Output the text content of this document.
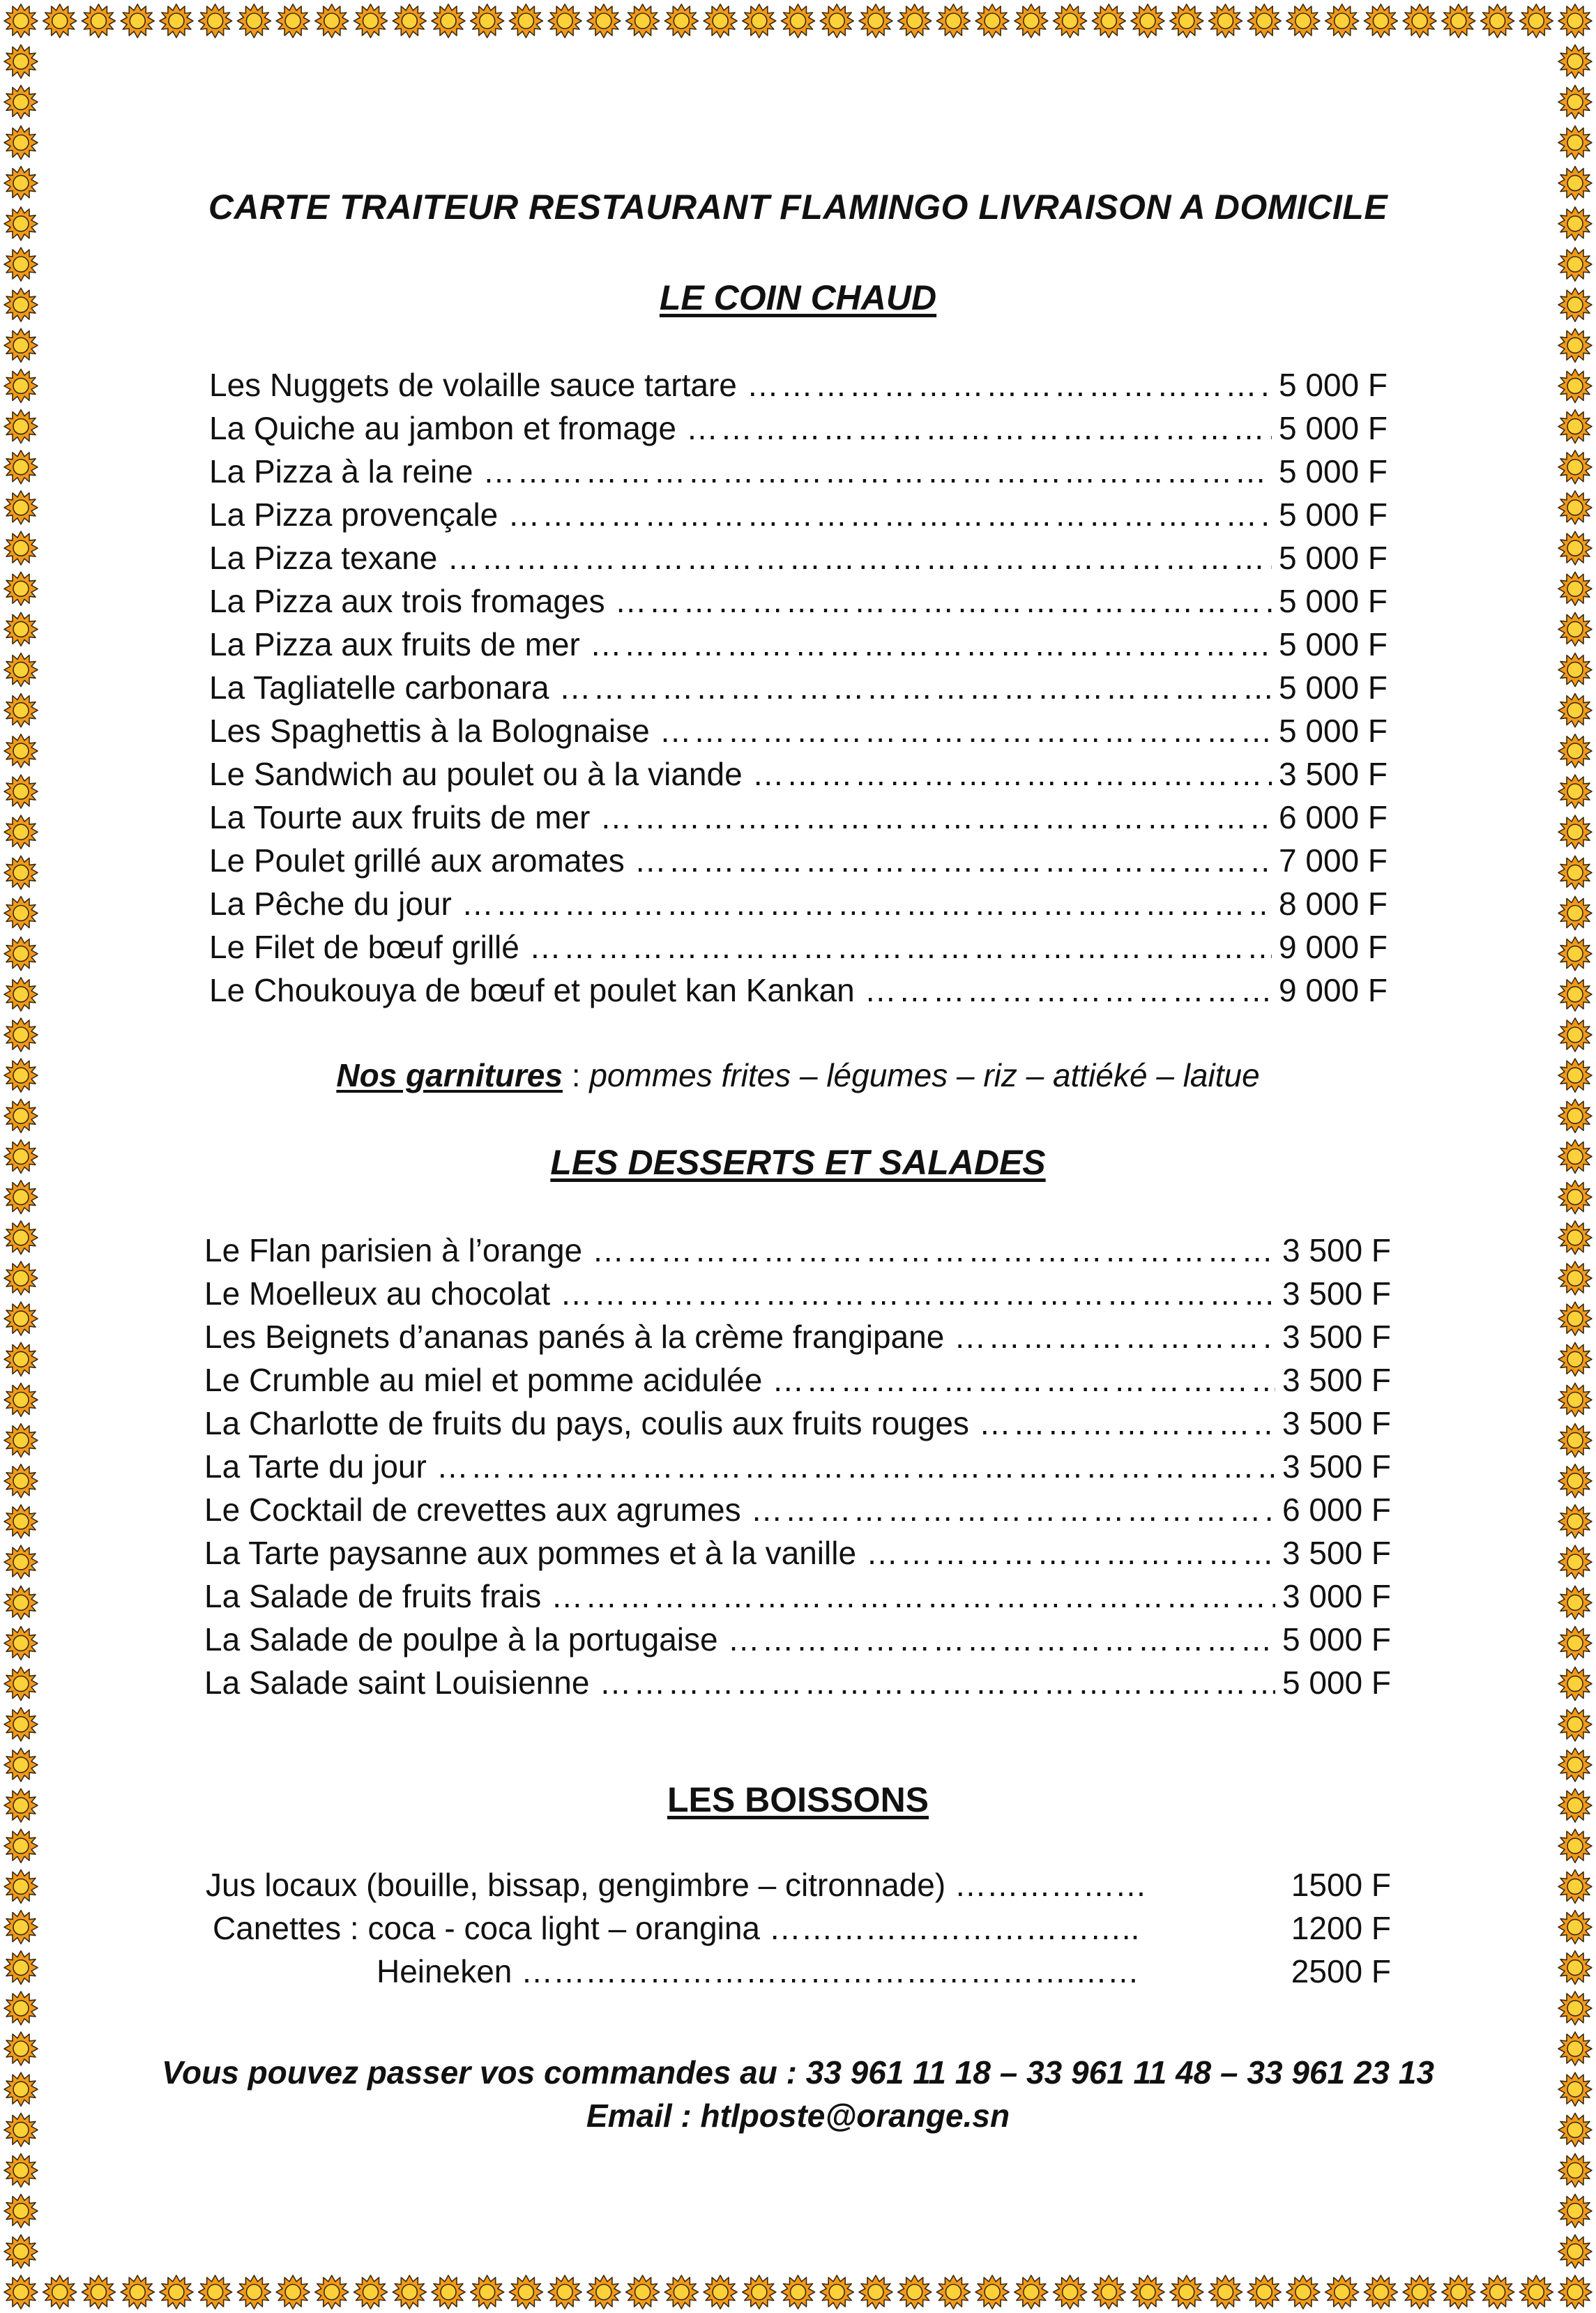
CARTE TRAITEUR RESTAURANT FLAMINGO LIVRAISON A DOMICILE
LE COIN CHAUD
Les Nuggets de volaille sauce tartare …………………………………………………………………………………………………………………………………………………………………	5 000 F
La Quiche au jambon et fromage …………………………………………………………………………………………………………………………………………………………………	5 000 F
La Pizza à la reine …………………………………………………………………………………………………………………………………………………………………	5 000 F
La Pizza provençale …………………………………………………………………………………………………………………………………………………………………	5 000 F
La Pizza texane …………………………………………………………………………………………………………………………………………………………………	5 000 F
La Pizza aux trois fromages …………………………………………………………………………………………………………………………………………………………………	5 000 F
La Pizza aux fruits de mer …………………………………………………………………………………………………………………………………………………………………	5 000 F
La Tagliatelle carbonara …………………………………………………………………………………………………………………………………………………………………	5 000 F
Les Spaghettis à la Bolognaise …………………………………………………………………………………………………………………………………………………………………	5 000 F
Le Sandwich au poulet ou à la viande …………………………………………………………………………………………………………………………………………………………………	3 500 F
La Tourte aux fruits de mer …………………………………………………………………………………………………………………………………………………………………	6 000 F
Le Poulet grillé aux aromates …………………………………………………………………………………………………………………………………………………………………	7 000 F
La Pêche du jour …………………………………………………………………………………………………………………………………………………………………	8 000 F
Le Filet de bœuf grillé …………………………………………………………………………………………………………………………………………………………………	9 000 F
Le Choukouya de bœuf et poulet kan Kankan …………………………………………………………………………………………………………………………………………………………………	9 000 F
Nos garnitures : pommes frites – légumes – riz – attiéké – laitue
LES DESSERTS ET SALADES
Le Flan parisien à l’orange …………………………………………………………………………………………………………………………………………………………………	3 500 F
Le Moelleux au chocolat …………………………………………………………………………………………………………………………………………………………………	3 500 F
Les Beignets d’ananas panés à la crème frangipane …………………………………………………………………………………………………………………………………………………………………	3 500 F
Le Crumble au miel et pomme acidulée …………………………………………………………………………………………………………………………………………………………………	3 500 F
La Charlotte de fruits du pays, coulis aux fruits rouges …………………………………………………………………………………………………………………………………………………………………	3 500 F
La Tarte du jour …………………………………………………………………………………………………………………………………………………………………	3 500 F
Le Cocktail de crevettes aux agrumes …………………………………………………………………………………………………………………………………………………………………	6 000 F
La Tarte paysanne aux pommes et à la vanille …………………………………………………………………………………………………………………………………………………………………	3 500 F
La Salade de fruits frais …………………………………………………………………………………………………………………………………………………………………	3 000 F
La Salade de poulpe à la portugaise …………………………………………………………………………………………………………………………………………………………………	5 000 F
La Salade saint Louisienne …………………………………………………………………………………………………………………………………………………………………	5 000 F
LES BOISSONS
Jus locaux (bouille, bissap, gengimbre – citronnade) ………………	1500 F
Canettes : coca - coca light – orangina ……………………………..	1200 F
Heineken …………………………………………….……	2500 F
Vous pouvez passer vos commandes au : 33 961 11 18 – 33 961 11 48 – 33 961 23 13
Email : htlposte@orange.sn
